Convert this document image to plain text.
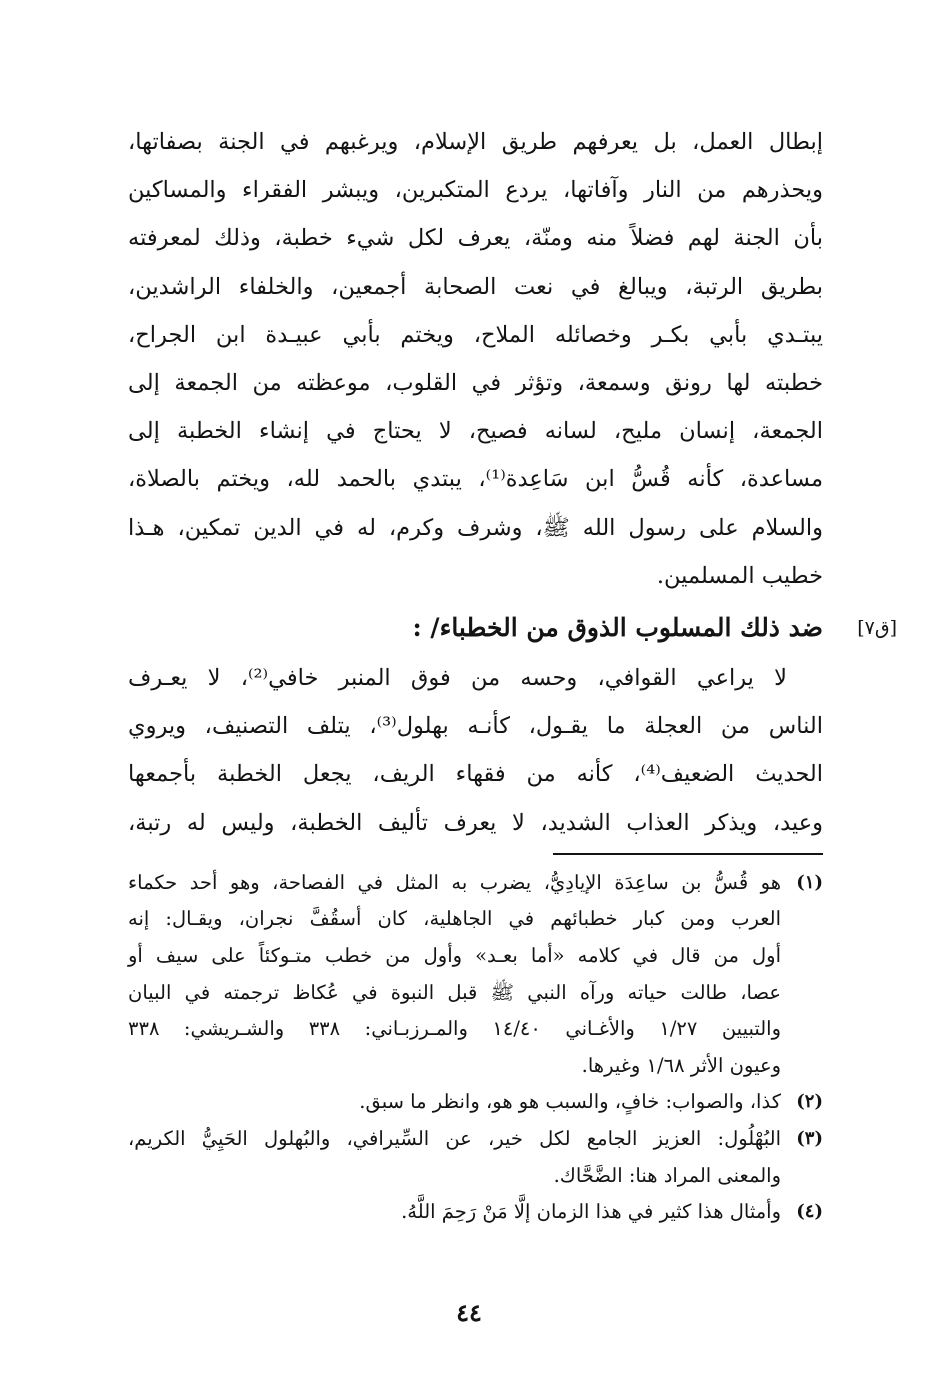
إبطال العمل، بل يعرفهم طريق الإسلام، ويرغبهم في الجنة بصفاتها،
ويحذرهم من النار وآفاتها، يردع المتكبرين، ويبشر الفقراء والمساكين
بأن الجنة لهم فضلاً منه ومنّة، يعرف لكل شيء خطبة، وذلك لمعرفته
بطريق الرتبة، ويبالغ في نعت الصحابة أجمعين، والخلفاء الراشدين،
يبتـدي بأبي بكـر وخصائله الملاح، ويختم بأبي عبيـدة ابن الجراح،
خطبته لها رونق وسمعة، وتؤثر في القلوب، موعظته من الجمعة إلى
الجمعة، إنسان مليح، لسانه فصيح، لا يحتاج في إنشاء الخطبة إلى
مساعدة، كأنه قُسُّ ابن سَاعِدة⁽¹⁾، يبتدي بالحمد لله، ويختم بالصلاة،
والسلام على رسول الله ﷺ، وشرف وكرم، له في الدين تمكين، هـذا
خطيب المسلمين.
[ق٧]
ضد ذلك المسلوب الذوق من الخطباء/ :
لا يراعي القوافي، وحسه من فوق المنبر خافي⁽²⁾، لا يعـرف
الناس من العجلة ما يقـول، كأنـه بهلول⁽³⁾، يتلف التصنيف، ويروي
الحديث الضعيف⁽⁴⁾، كأنه من فقهاء الريف، يجعل الخطبة بأجمعها
وعيد، ويذكر العذاب الشديد، لا يعرف تأليف الخطبة، وليس له رتبة،
(١)
هو قُسُّ بن ساعِدَة الإيادِيُّ، يضرب به المثل في الفصاحة، وهو أحد حكماء
العرب ومن كبار خطبائهم في الجاهلية، كان أسقُفَّ نجران، ويقـال: إنه
أول من قال في كلامه «أما بعـد» وأول من خطب متـوكئاً على سيف أو
عصا، طالت حياته ورآه النبي ﷺ قبل النبوة في عُكاظ ترجمته في البيان
والتبيين ١/٢٧ والأغـاني ١٤/٤٠ والمـرزبـاني: ٣٣٨ والشـريشي: ٣٣٨
وعيون الأثر ١/٦٨ وغيرها.
(٢)
كذا، والصواب: خافٍ، والسبب هو هو، وانظر ما سبق.
(٣)
البُهْلُول: العزيز الجامع لكل خير، عن السِّيرافي، والبُهلول الحَيِيُّ الكريم،
والمعنى المراد هنا: الضَّحَّاك.
(٤)
وأمثال هذا كثير في هذا الزمان إلَّا مَنْ رَحِمَ اللَّهُ.
٤٤
